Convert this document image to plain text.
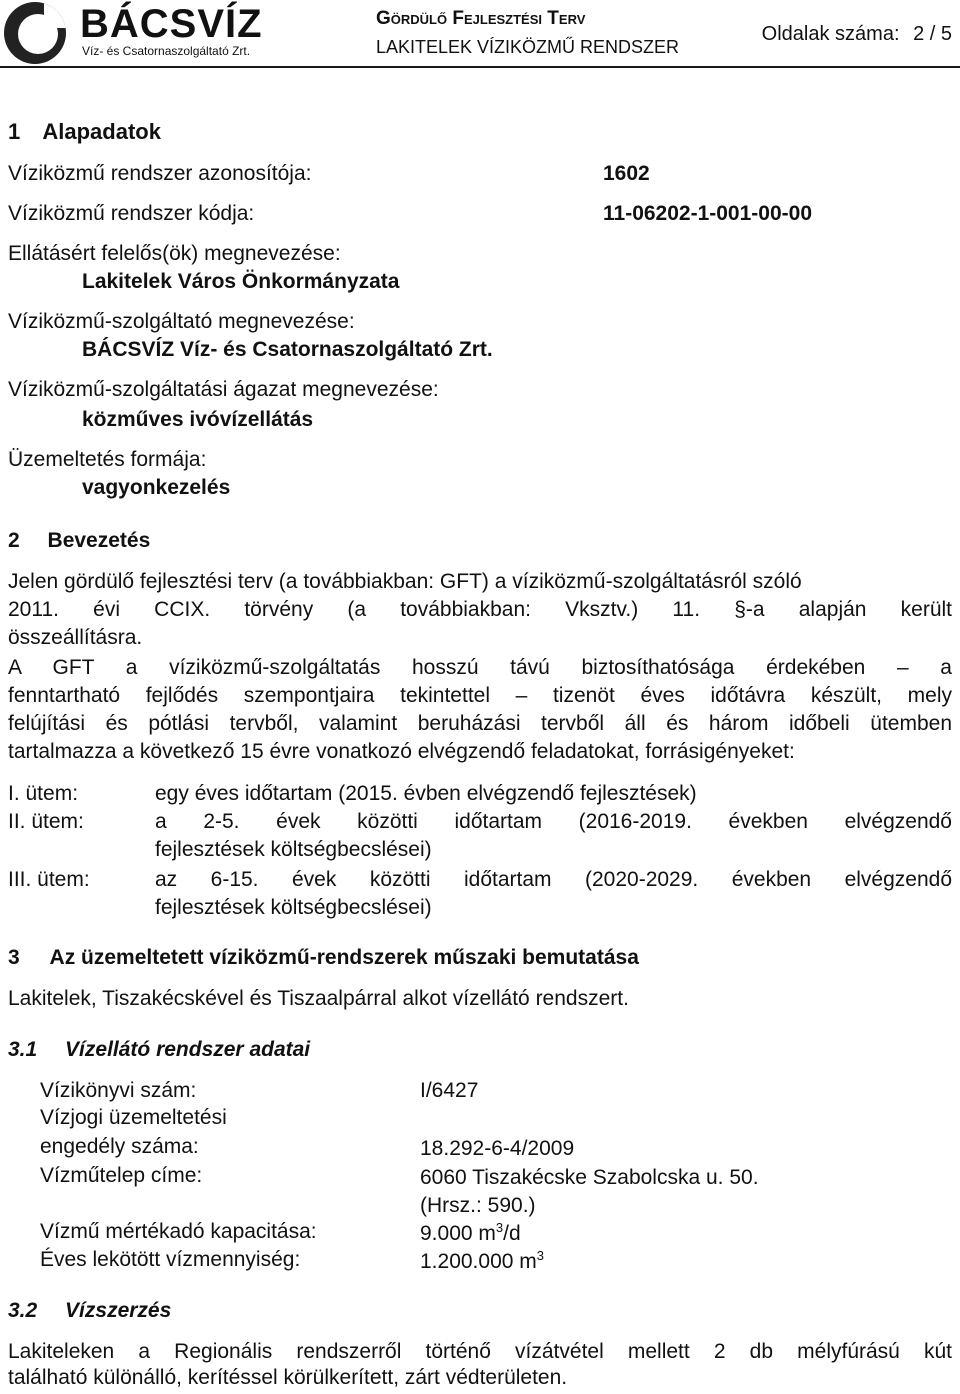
BÁCSVÍZ
Víz- és Csatornaszolgáltató Zrt.
Gördülő Fejlesztési Terv
LAKITELEK VÍZIKÖZMŰ RENDSZER
Oldalak száma: 2 / 5
1 Alapadatok
Víziközmű rendszer azonosítója:	1602
Víziközmű rendszer kódja:	11-06202-1-001-00-00
Ellátásért felelős(ök) megnevezése:
Lakitelek Város Önkormányzata
Víziközmű-szolgáltató megnevezése:
BÁCSVÍZ Víz- és Csatornaszolgáltató Zrt.
Víziközmű-szolgáltatási ágazat megnevezése:
közműves ivóvízellátás
Üzemeltetés formája:
vagyonkezelés
2 Bevezetés
Jelen gördülő fejlesztési terv (a továbbiakban: GFT) a víziközmű-szolgáltatásról szóló
2011. évi CCIX. törvény (a továbbiakban: Vksztv.) 11. §-a alapján került
összeállításra.
A GFT a víziközmű-szolgáltatás hosszú távú biztosíthatósága érdekében – a
fenntartható fejlődés szempontjaira tekintettel – tizenöt éves időtávra készült, mely
felújítási és pótlási tervből, valamint beruházási tervből áll és három időbeli ütemben
tartalmazza a következő 15 évre vonatkozó elvégzendő feladatokat, forrásigényeket:
I. ütem:	egy éves időtartam (2015. évben elvégzendő fejlesztések)
II. ütem:	a 2-5. évek közötti időtartam (2016-2019. években elvégzendő
fejlesztések költségbecslései)
III. ütem:	az 6-15. évek közötti időtartam (2020-2029. években elvégzendő
fejlesztések költségbecslései)
3 Az üzemeltetett víziközmű-rendszerek műszaki bemutatása
Lakitelek, Tiszakécskével és Tiszaalpárral alkot vízellátó rendszert.
3.1 Vízellátó rendszer adatai
Vízikönyvi szám:	I/6427
Vízjogi üzemeltetési
engedély száma:	18.292-6-4/2009
Vízműtelep címe:	6060 Tiszakécske Szabolcska u. 50.
(Hrsz.: 590.)
Vízmű mértékadó kapacitása:	9.000 $m^3/d$
Éves lekötött vízmennyiség:	1.200.000 $m^3$
3.2 Vízszerzés
Lakiteleken a Regionális rendszerről történő vízátvétel mellett 2 db mélyfúrású kút
található különálló, kerítéssel körülkerített, zárt védterületen.
